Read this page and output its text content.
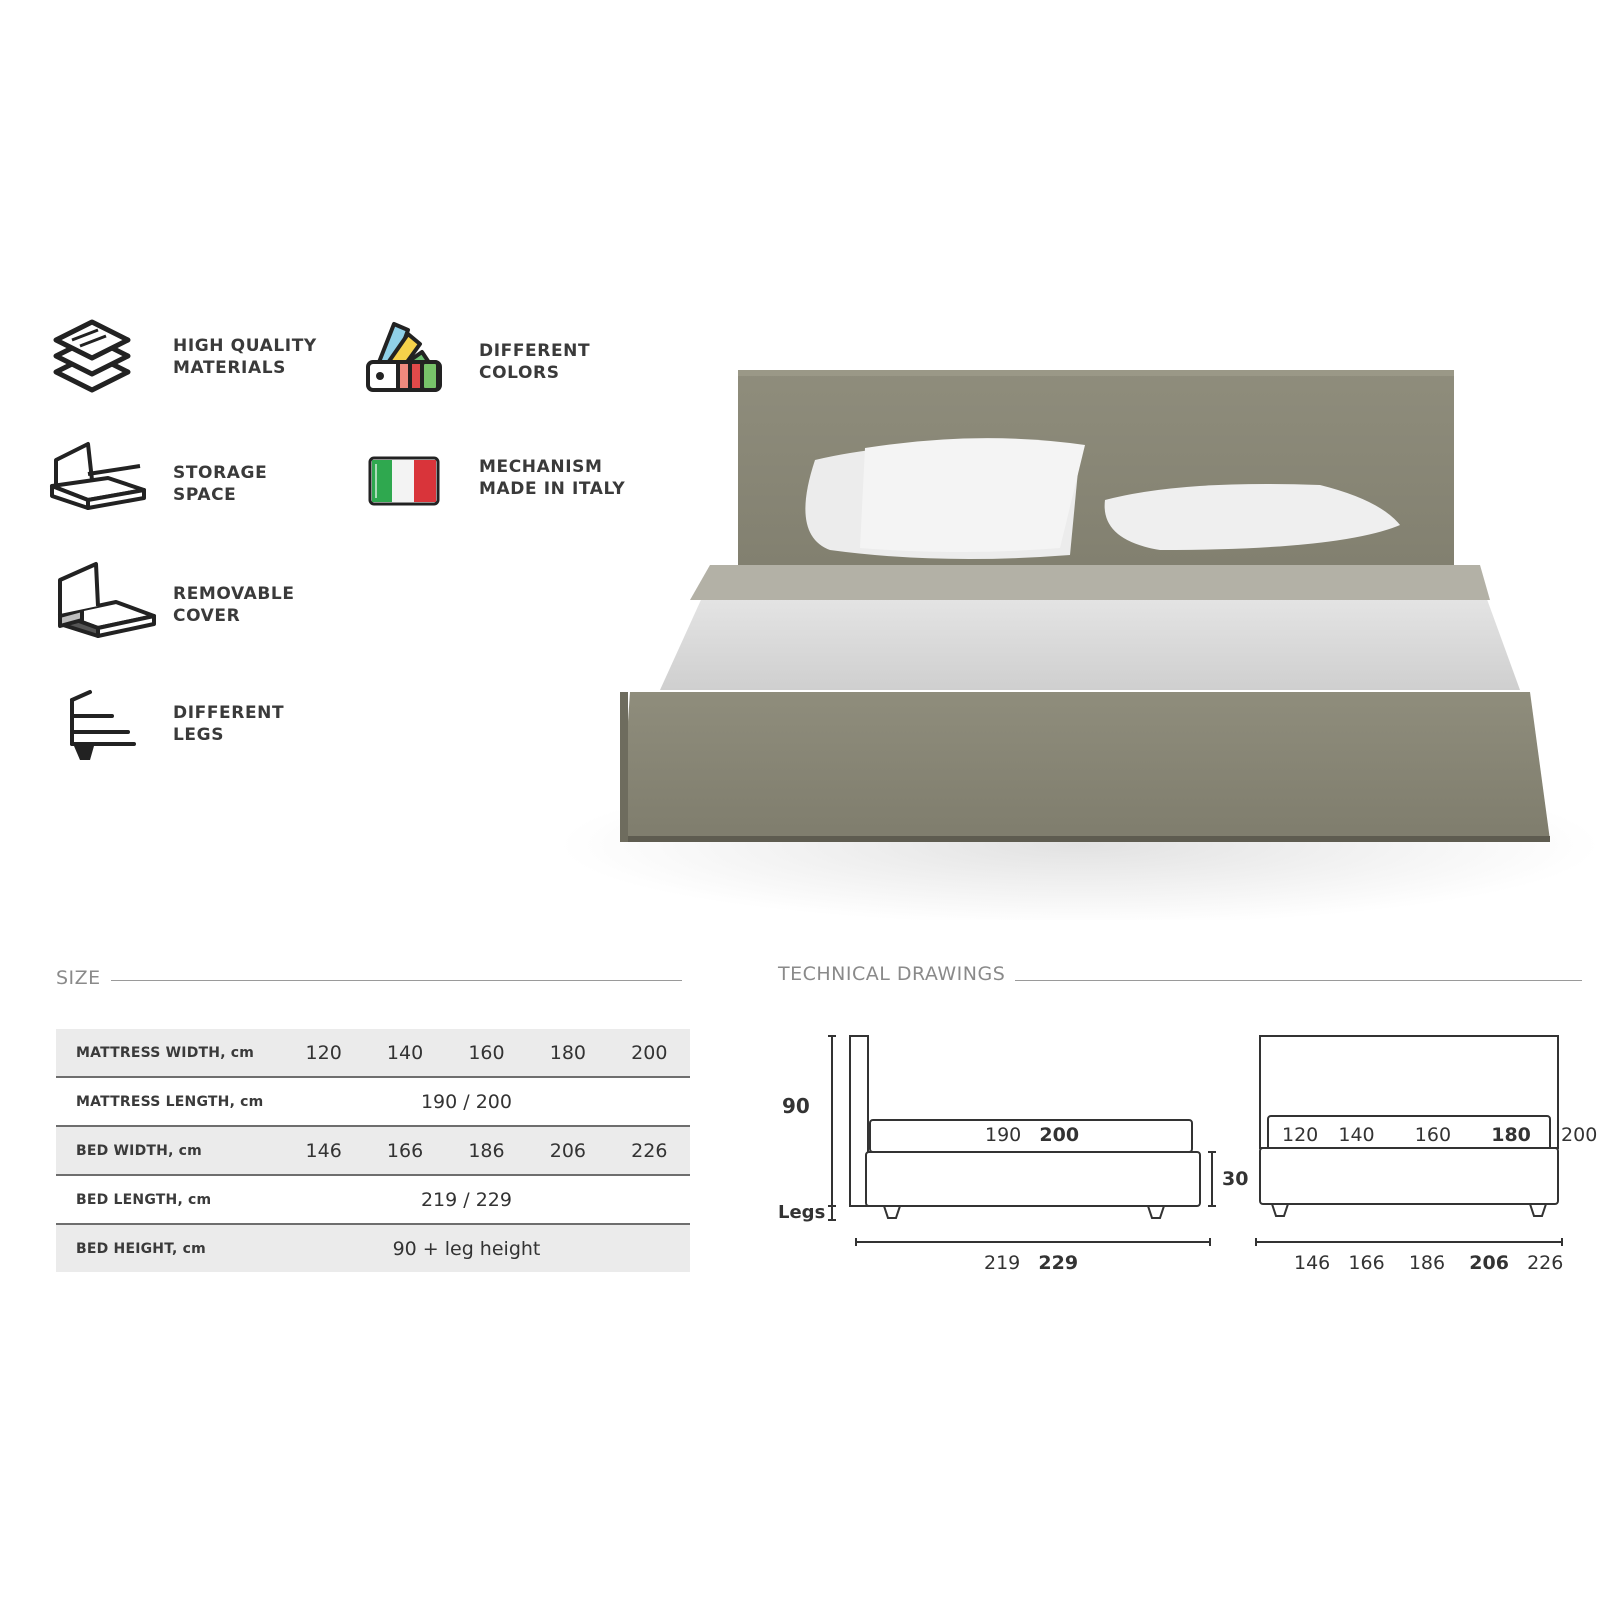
HIGH QUALITY
MATERIALS
DIFFERENT
COLORS
STORAGE
SPACE
MECHANISM
MADE IN ITALY
REMOVABLE
COVER
DIFFERENT
LEGS
SIZE
MATTRESS WIDTH, cm	120	140	160	180	200
MATTRESS LENGTH, cm	190 / 200				
BED WIDTH, cm	146	166	186	206	226
BED LENGTH, cm	219 / 229				
BED HEIGHT, cm	90 + leg height				
TECHNICAL DRAWINGS
90
Legs
30
190 200
219 229
120 140 160 180 200
146 166 186 206 226
